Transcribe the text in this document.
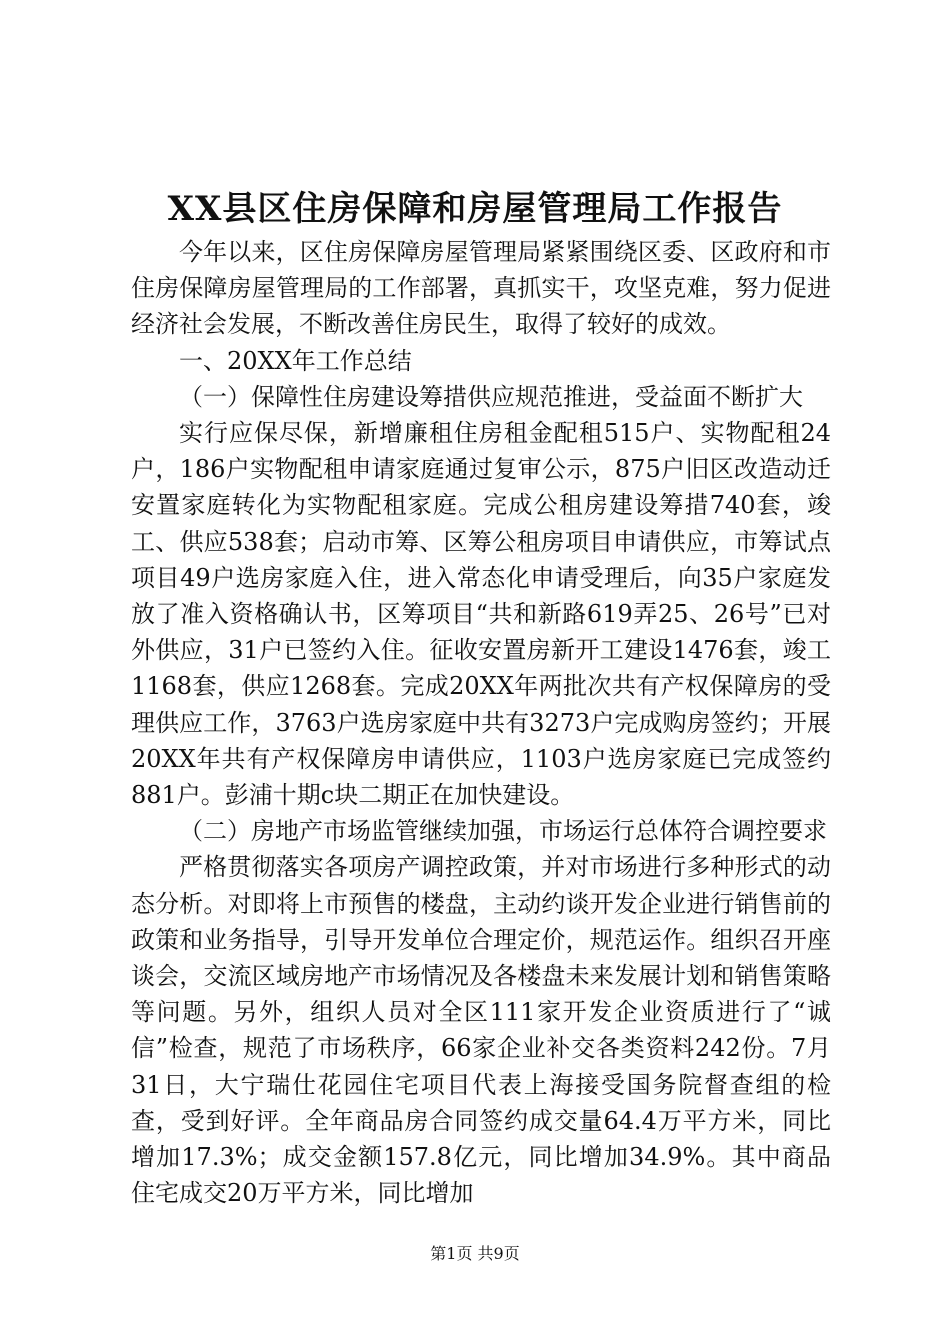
XX县区住房保障和房屋管理局工作报告

今年以来，区住房保障房屋管理局紧紧围绕区委、区政府和市住房保障房屋管理局的工作部署，真抓实干，攻坚克难，努力促进经济社会发展，不断改善住房民生，取得了较好的成效。

一、20XX年工作总结

（一）保障性住房建设筹措供应规范推进，受益面不断扩大

实行应保尽保，新增廉租住房租金配租515户、实物配租24户，186户实物配租申请家庭通过复审公示，875户旧区改造动迁安置家庭转化为实物配租家庭。完成公租房建设筹措740套，竣工、供应538套；启动市筹、区筹公租房项目申请供应，市筹试点项目49户选房家庭入住，进入常态化申请受理后，向35户家庭发放了准入资格确认书，区筹项目“共和新路619弄25、26号”已对外供应，31户已签约入住。征收安置房新开工建设1476套，竣工1168套，供应1268套。完成20XX年两批次共有产权保障房的受理供应工作，3763户选房家庭中共有3273户完成购房签约；开展20XX年共有产权保障房申请供应，1103户选房家庭已完成签约881户。彭浦十期c块二期正在加快建设。

（二）房地产市场监管继续加强，市场运行总体符合调控要求

严格贯彻落实各项房产调控政策，并对市场进行多种形式的动态分析。对即将上市预售的楼盘，主动约谈开发企业进行销售前的政策和业务指导，引导开发单位合理定价，规范运作。组织召开座谈会，交流区域房地产市场情况及各楼盘未来发展计划和销售策略等问题。另外，组织人员对全区111家开发企业资质进行了“诚信”检查，规范了市场秩序，66家企业补交各类资料242份。7月31日，大宁瑞仕花园住宅项目代表上海接受国务院督查组的检查，受到好评。全年商品房合同签约成交量64.4万平方米，同比增加17.3%；成交金额157.8亿元，同比增加34.9%。其中商品住宅成交20万平方米，同比增加

第1页 共9页
